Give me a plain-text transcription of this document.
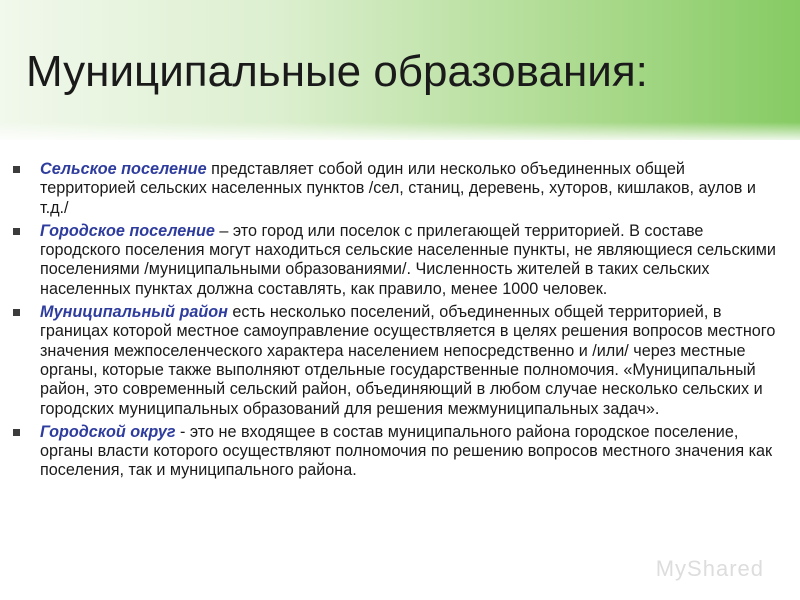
Муниципальные образования:
Сельское поселение представляет собой один или несколько объединенных общей территорией сельских населенных пунктов /сел, станиц, деревень, хуторов, кишлаков, аулов и т.д./
Городское поселение – это город или поселок с прилегающей территорией. В составе городского поселения могут находиться сельские населенные пункты, не являющиеся сельскими поселениями /муниципальными образованиями/. Численность жителей в таких сельских населенных пунктах должна составлять, как правило, менее 1000 человек.
Муниципальный район есть несколько поселений, объединенных общей территорией, в границах которой местное самоуправление осуществляется в целях решения вопросов местного значения межпоселенческого характера населением непосредственно и /или/ через местные органы, которые также выполняют отдельные государственные полномочия. «Муниципальный район, это современный сельский район, объединяющий в любом случае несколько сельских и городских муниципальных образований для решения межмуниципальных задач».
Городской округ - это не входящее в состав муниципального района городское поселение, органы власти которого осуществляют полномочия по решению вопросов местного значения как поселения, так и муниципального района.
МyShared
